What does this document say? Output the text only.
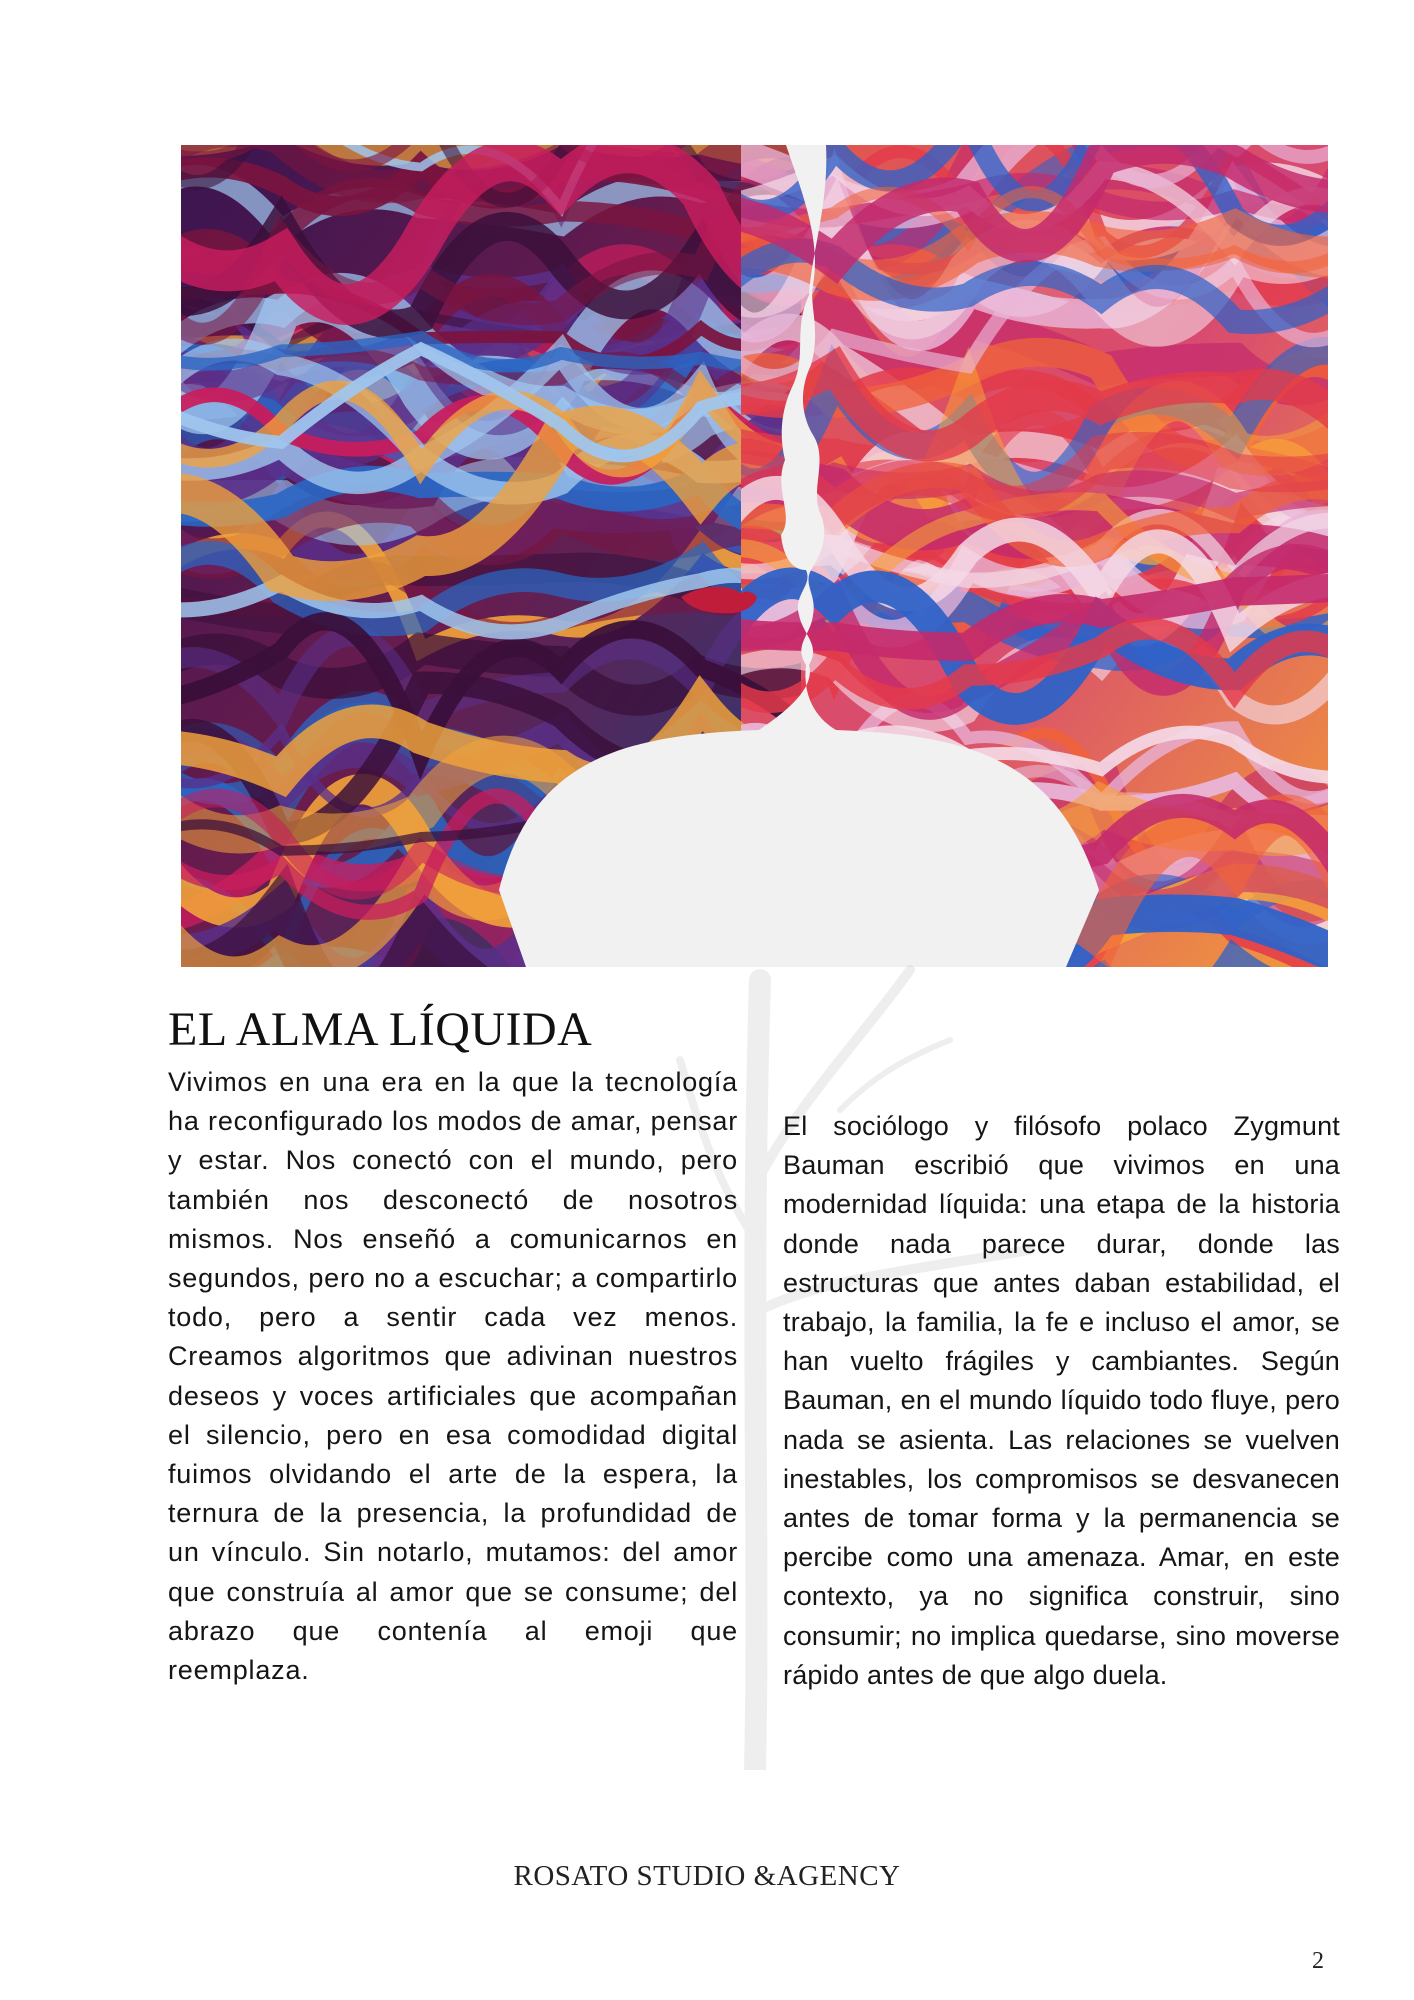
EL ALMA LÍQUIDA

Vivimos en una era en la que la tecnología ha reconfigurado los modos de amar, pensar y estar. Nos conectó con el mundo, pero también nos desconectó de nosotros mismos. Nos enseñó a comunicarnos en segundos, pero no a escuchar; a compartirlo todo, pero a sentir cada vez menos. Creamos algoritmos que adivinan nuestros deseos y voces artificiales que acompañan el silencio, pero en esa comodidad digital fuimos olvidando el arte de la espera, la ternura de la presencia, la profundidad de un vínculo. Sin notarlo, mutamos: del amor que construía al amor que se consume; del abrazo que contenía al emoji que reemplaza.

El sociólogo y filósofo polaco Zygmunt Bauman escribió que vivimos en una modernidad líquida: una etapa de la historia donde nada parece durar, donde las estructuras que antes daban estabilidad, el trabajo, la familia, la fe e incluso el amor, se han vuelto frágiles y cambiantes. Según Bauman, en el mundo líquido todo fluye, pero nada se asienta. Las relaciones se vuelven inestables, los compromisos se desvanecen antes de tomar forma y la permanencia se percibe como una amenaza. Amar, en este contexto, ya no significa construir, sino consumir; no implica quedarse, sino moverse rápido antes de que algo duela.

ROSATO STUDIO &AGENCY
2
